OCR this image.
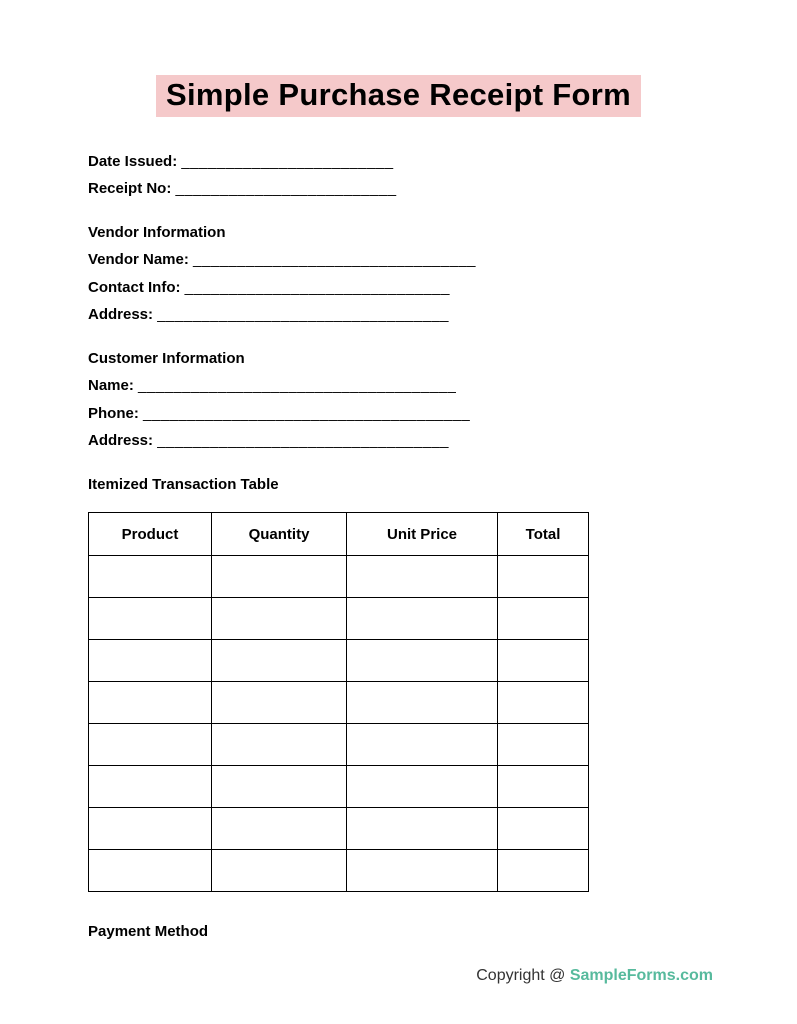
Simple Purchase Receipt Form

Date Issued: ________________________

Receipt No: _________________________

Vendor Information

Vendor Name: ________________________________

Contact Info: ______________________________

Address: _________________________________

Customer Information

Name: ____________________________________

Phone: _____________________________________

Address: _________________________________

Itemized Transaction Table

Product	Quantity	Unit Price	Total

Payment Method

Copyright @ SampleForms.com
